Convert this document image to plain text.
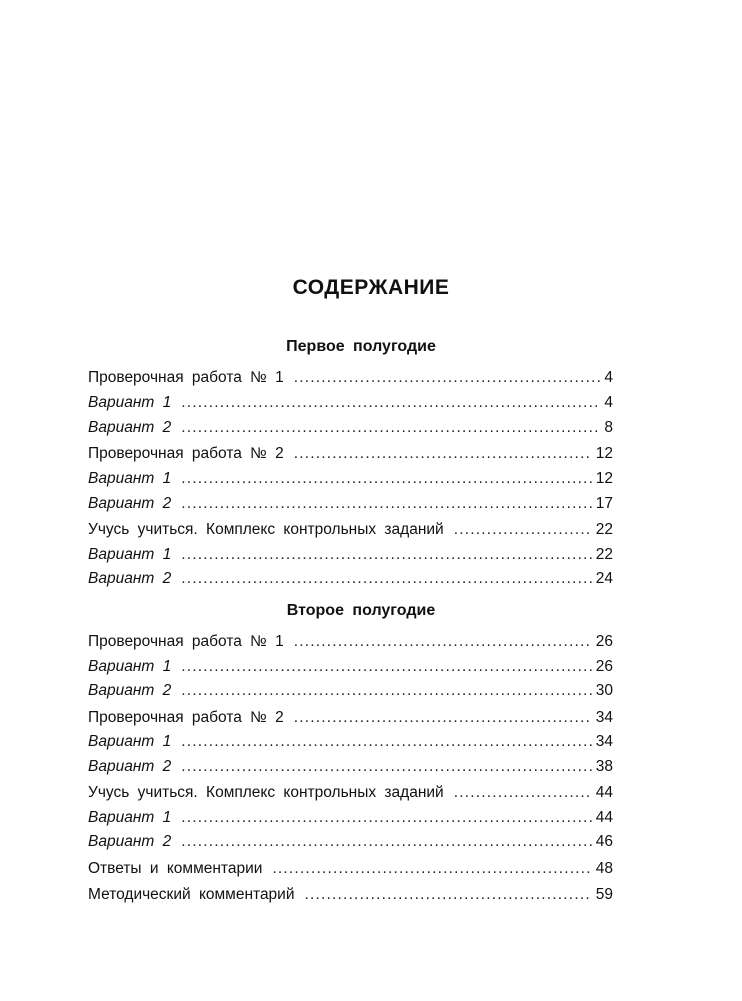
СОДЕРЖАНИЕ
Первое полугодие
Проверочная работа № 1 .....	4
Вариант 1 .....	4
Вариант 2 .....	8
Проверочная работа № 2 .....	12
Вариант 1 .....	12
Вариант 2 .....	17
Учусь учиться. Комплекс контрольных заданий .....	22
Вариант 1 .....	22
Вариант 2 .....	24
Второе полугодие
Проверочная работа № 1 .....	26
Вариант 1 .....	26
Вариант 2 .....	30
Проверочная работа № 2 .....	34
Вариант 1 .....	34
Вариант 2 .....	38
Учусь учиться. Комплекс контрольных заданий .....	44
Вариант 1 .....	44
Вариант 2 .....	46
Ответы и комментарии .....	48
Методический комментарий .....	59
